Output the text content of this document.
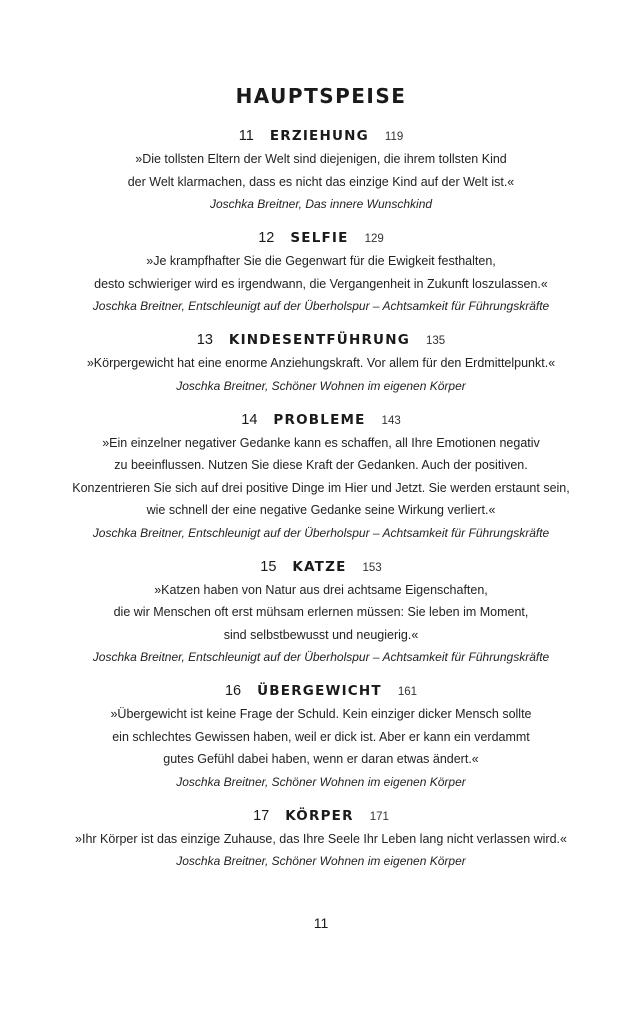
HAUPTSPEISE
11 ERZIEHUNG 119
»Die tollsten Eltern der Welt sind diejenigen, die ihrem tollsten Kind
der Welt klarmachen, dass es nicht das einzige Kind auf der Welt ist.«
Joschka Breitner, Das innere Wunschkind
12 SELFIE 129
»Je krampfhafter Sie die Gegenwart für die Ewigkeit festhalten,
desto schwieriger wird es irgendwann, die Vergangenheit in Zukunft loszulassen.«
Joschka Breitner, Entschleunigt auf der Überholspur – Achtsamkeit für Führungskräfte
13 KINDESENTFÜHRUNG 135
»Körpergewicht hat eine enorme Anziehungskraft. Vor allem für den Erdmittelpunkt.«
Joschka Breitner, Schöner Wohnen im eigenen Körper
14 PROBLEME 143
»Ein einzelner negativer Gedanke kann es schaffen, all Ihre Emotionen negativ
zu beeinflussen. Nutzen Sie diese Kraft der Gedanken. Auch der positiven.
Konzentrieren Sie sich auf drei positive Dinge im Hier und Jetzt. Sie werden erstaunt sein,
wie schnell der eine negative Gedanke seine Wirkung verliert.«
Joschka Breitner, Entschleunigt auf der Überholspur – Achtsamkeit für Führungskräfte
15 KATZE 153
»Katzen haben von Natur aus drei achtsame Eigenschaften,
die wir Menschen oft erst mühsam erlernen müssen: Sie leben im Moment,
sind selbstbewusst und neugierig.«
Joschka Breitner, Entschleunigt auf der Überholspur – Achtsamkeit für Führungskräfte
16 ÜBERGEWICHT 161
»Übergewicht ist keine Frage der Schuld. Kein einziger dicker Mensch sollte
ein schlechtes Gewissen haben, weil er dick ist. Aber er kann ein verdammt
gutes Gefühl dabei haben, wenn er daran etwas ändert.«
Joschka Breitner, Schöner Wohnen im eigenen Körper
17 KÖRPER 171
»Ihr Körper ist das einzige Zuhause, das Ihre Seele Ihr Leben lang nicht verlassen wird.«
Joschka Breitner, Schöner Wohnen im eigenen Körper
11
